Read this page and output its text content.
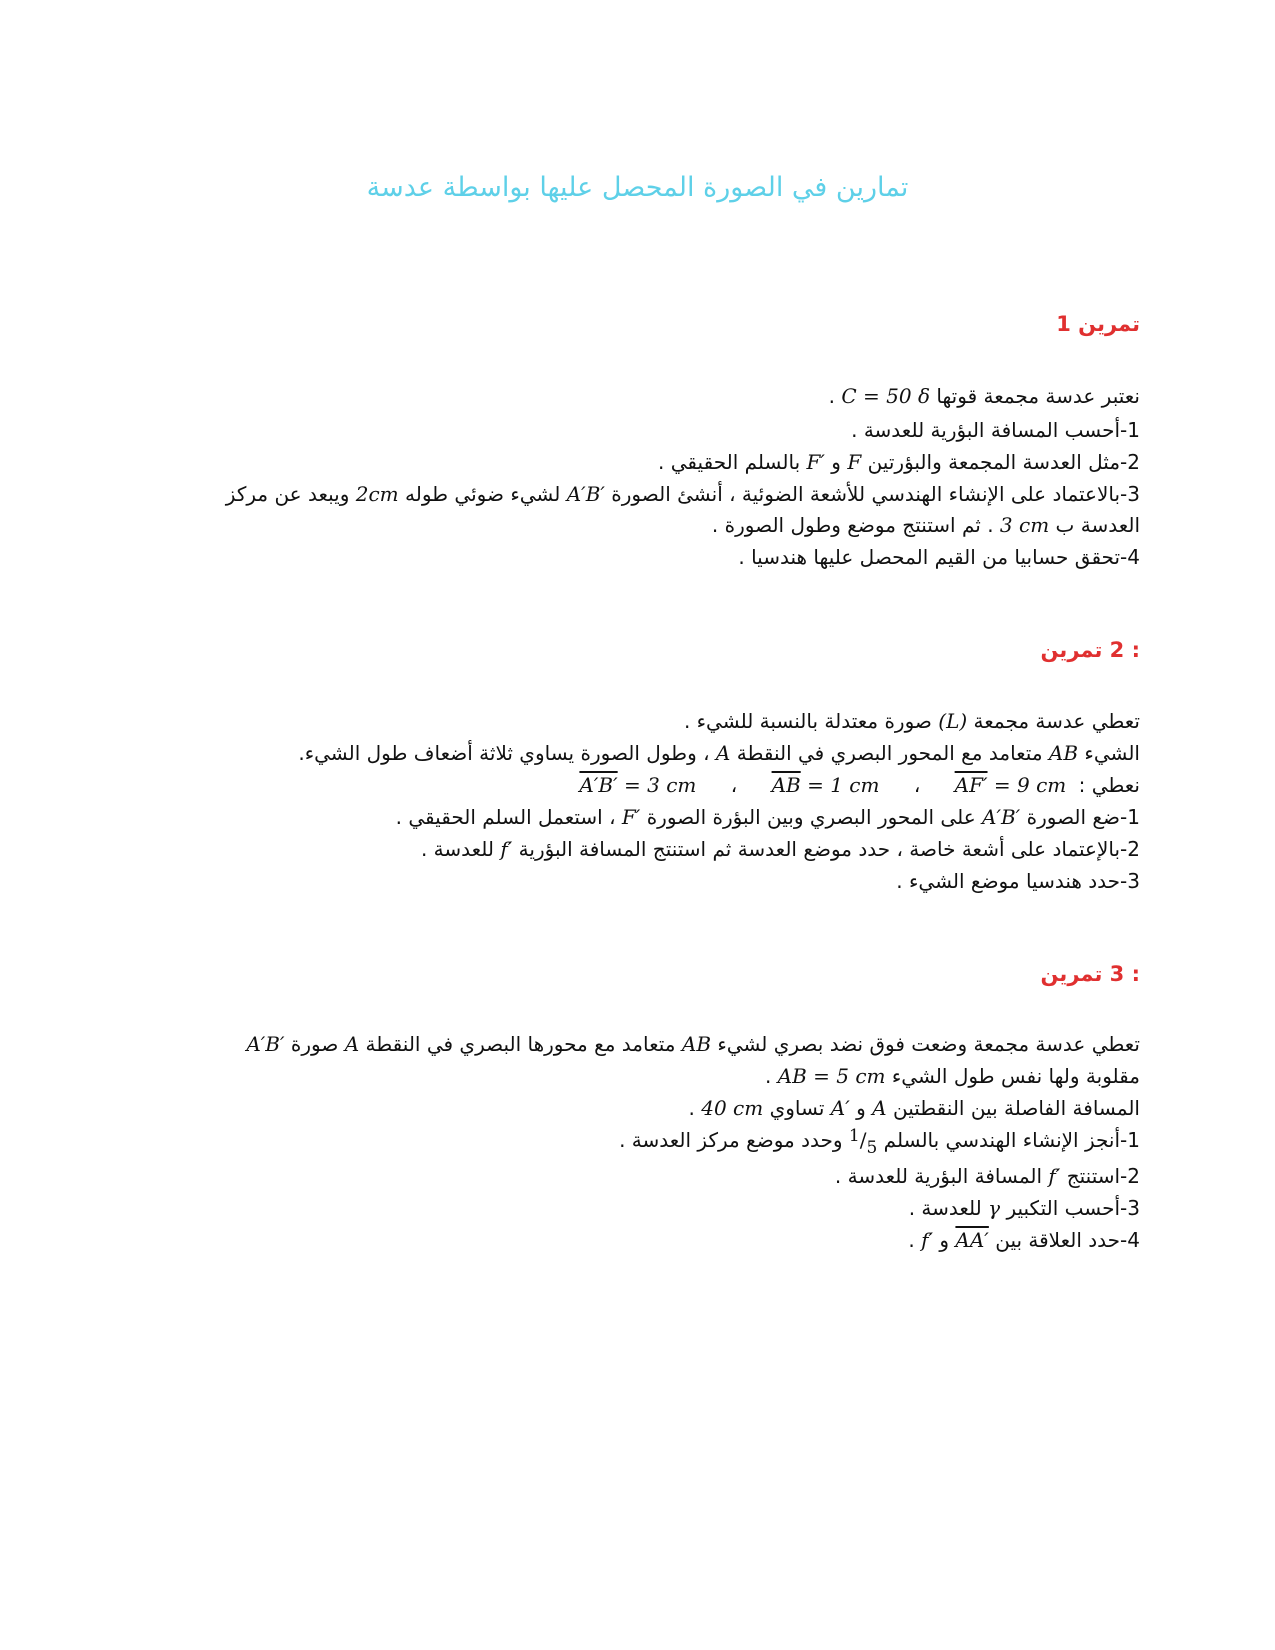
تمارين في الصورة المحصل عليها بواسطة عدسة
تمرين 1
نعتبر عدسة مجمعة قوتها C = 50 δ .
1-أحسب المسافة البؤرية للعدسة .
2-مثل العدسة المجمعة والبؤرتين F و F′ بالسلم الحقيقي .
3-بالاعتماد على الإنشاء الهندسي للأشعة الضوئية ، أنشئ الصورة A′B′ لشيء ضوئي طوله 2cm ويبعد عن مركز
العدسة ب 3 cm . ثم استنتج موضع وطول الصورة .
4-تحقق حسابيا من القيم المحصل عليها هندسيا .
: 2 تمرين
تعطي عدسة مجمعة (L) صورة معتدلة بالنسبة للشيء .
الشيء AB متعامد مع المحور البصري في النقطة A ، وطول الصورة يساوي ثلاثة أضعاف طول الشيء.
نعطي : AF′ = 9 cm ، $\overline{AB} = 1$ cm ، A′B′ = 3 cm
1-ضع الصورة A′B′ على المحور البصري وبين البؤرة الصورة F′ ، استعمل السلم الحقيقي .
2-بالإعتماد على أشعة خاصة ، حدد موضع العدسة ثم استنتج المسافة البؤرية f′ للعدسة .
3-حدد هندسيا موضع الشيء .
: 3 تمرين
تعطي عدسة مجمعة وضعت فوق نضد بصري لشيء AB متعامد مع محورها البصري في النقطة A صورة A′B′
مقلوبة ولها نفس طول الشيء AB = 5 cm .
المسافة الفاصلة بين النقطتين A و A′ تساوي 40 cm .
1-أنجز الإنشاء الهندسي بالسلم $^1/_5$ وحدد موضع مركز العدسة .
2-استنتج f′ المسافة البؤرية للعدسة .
3-أحسب التكبير γ للعدسة .
4-حدد العلاقة بين AA′ و f′ .
